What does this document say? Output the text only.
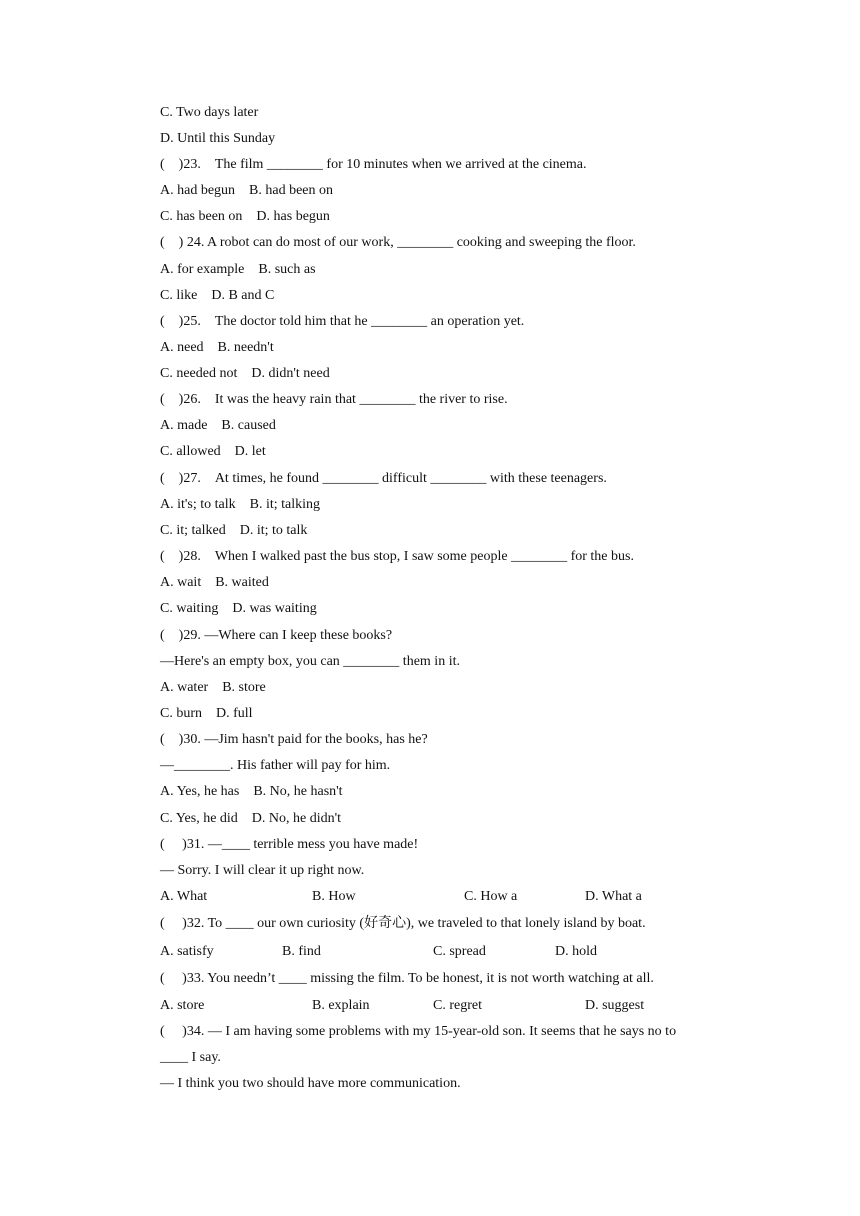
C. Two days later
D. Until this Sunday
(    )23.    The film ________ for 10 minutes when we arrived at the cinema.
A. had begun    B. had been on
C. has been on    D. has begun
(    ) 24. A robot can do most of our work, ________ cooking and sweeping the floor.
A. for example    B. such as
C. like    D. B and C
(    )25.    The doctor told him that he ________ an operation yet.
A. need    B. needn't
C. needed not    D. didn't need
(    )26.    It was the heavy rain that ________ the river to rise.
A. made    B. caused
C. allowed    D. let
(    )27.    At times, he found ________ difficult ________ with these teenagers.
A. it's; to talk    B. it; talking
C. it; talked    D. it; to talk
(    )28.    When I walked past the bus stop, I saw some people ________ for the bus.
A. wait    B. waited
C. waiting    D. was waiting
(    )29. —Where can I keep these books?
—Here's an empty box, you can ________ them in it.
A. water    B. store
C. burn    D. full
(    )30. —Jim hasn't paid for the books, has he?
—________. His father will pay for him.
A. Yes, he has    B. No, he hasn't
C. Yes, he did    D. No, he didn't
(     )31. —____ terrible mess you have made!
— Sorry. I will clear it up right now.

A. What

	B. How

	C. How a

	D. What a

(     )32. To ____ our own curiosity (好奇心), we traveled to that lonely island by boat.

A. satisfy

	B. find

	C. spread

	D. hold

(     )33. You needn’t ____ missing the film. To be honest, it is not worth watching at all.

A. store

	B. explain

	C. regret

	D. suggest

(     )34. — I am having some problems with my 15-year-old son. It seems that he says no to
____ I say.
— I think you two should have more communication.
